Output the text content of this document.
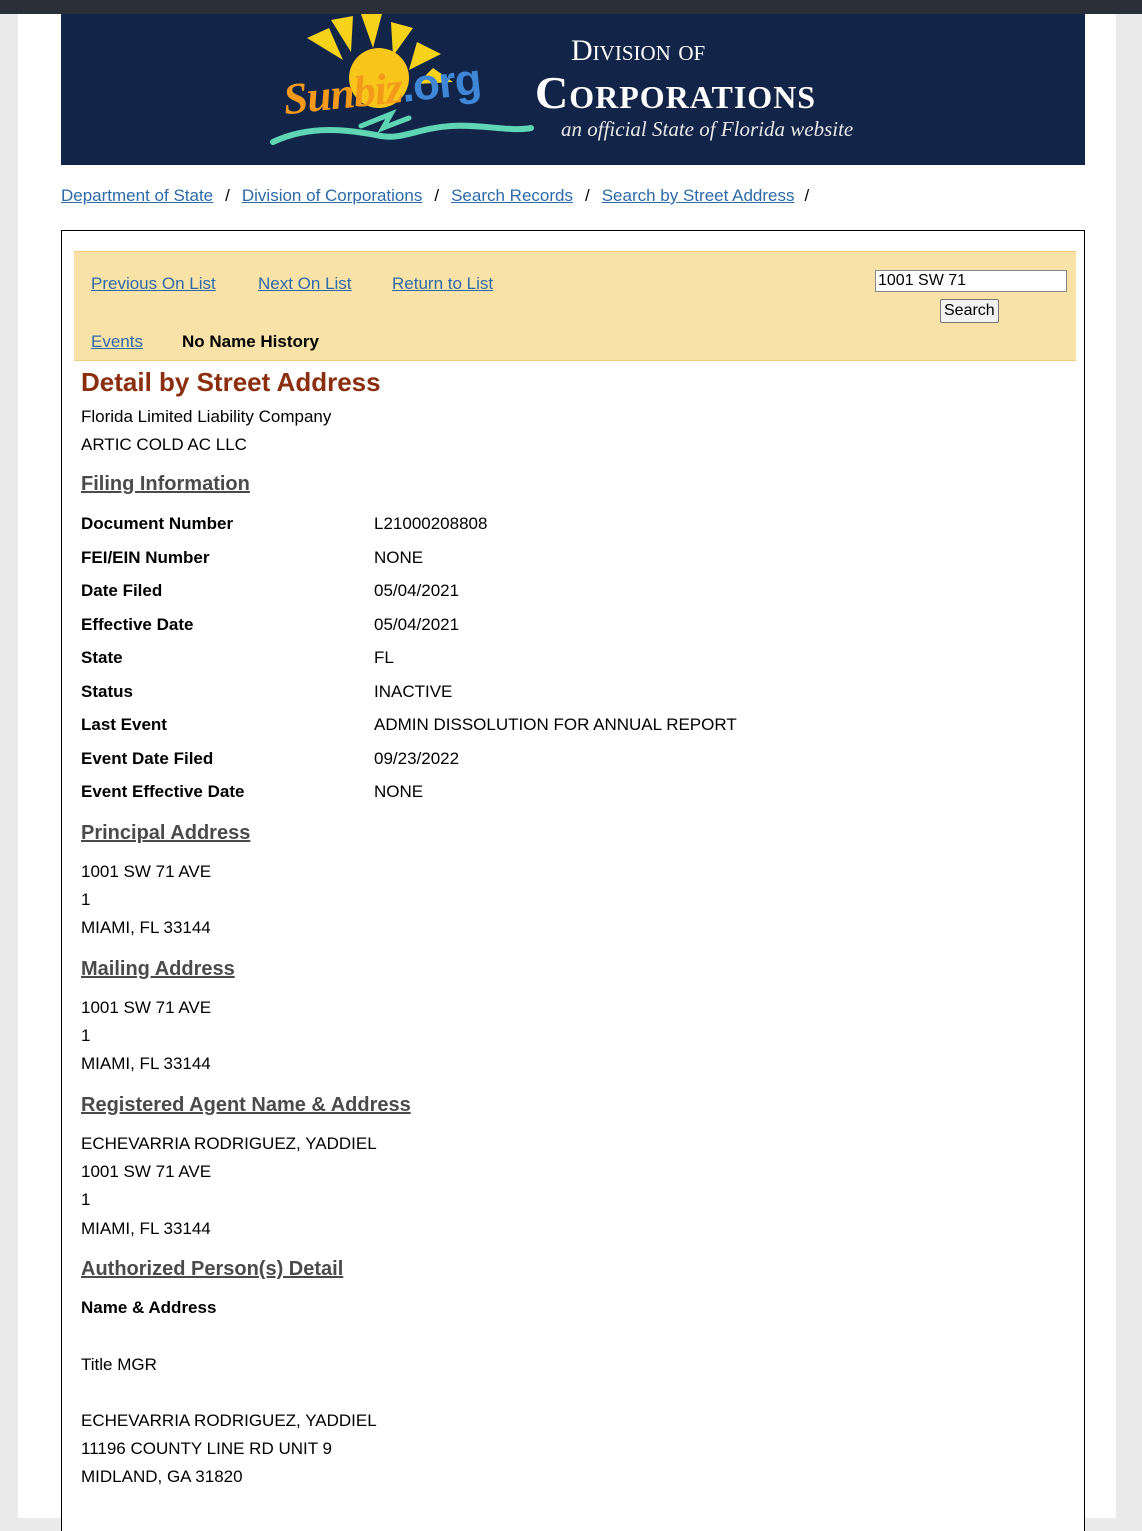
Sunbiz.org
Division of
Corporations
an official State of Florida website
Department of State / Division of Corporations / Search Records / Search by Street Address /
Previous On List Next On List Return to List
Events No Name History
1001 SW 71
Search
Detail by Street Address
Florida Limited Liability Company
ARTIC COLD AC LLC
Filing Information
Document Number	L21000208808
FEI/EIN Number	NONE
Date Filed	05/04/2021
Effective Date	05/04/2021
State	FL
Status	INACTIVE
Last Event	ADMIN DISSOLUTION FOR ANNUAL REPORT
Event Date Filed	09/23/2022
Event Effective Date	NONE
Principal Address
1001 SW 71 AVE
1
MIAMI, FL 33144
Mailing Address
1001 SW 71 AVE
1
MIAMI, FL 33144
Registered Agent Name & Address
ECHEVARRIA RODRIGUEZ, YADDIEL
1001 SW 71 AVE
1
MIAMI, FL 33144
Authorized Person(s) Detail
Name & Address
Title MGR
ECHEVARRIA RODRIGUEZ, YADDIEL
11196 COUNTY LINE RD UNIT 9
MIDLAND, GA 31820
